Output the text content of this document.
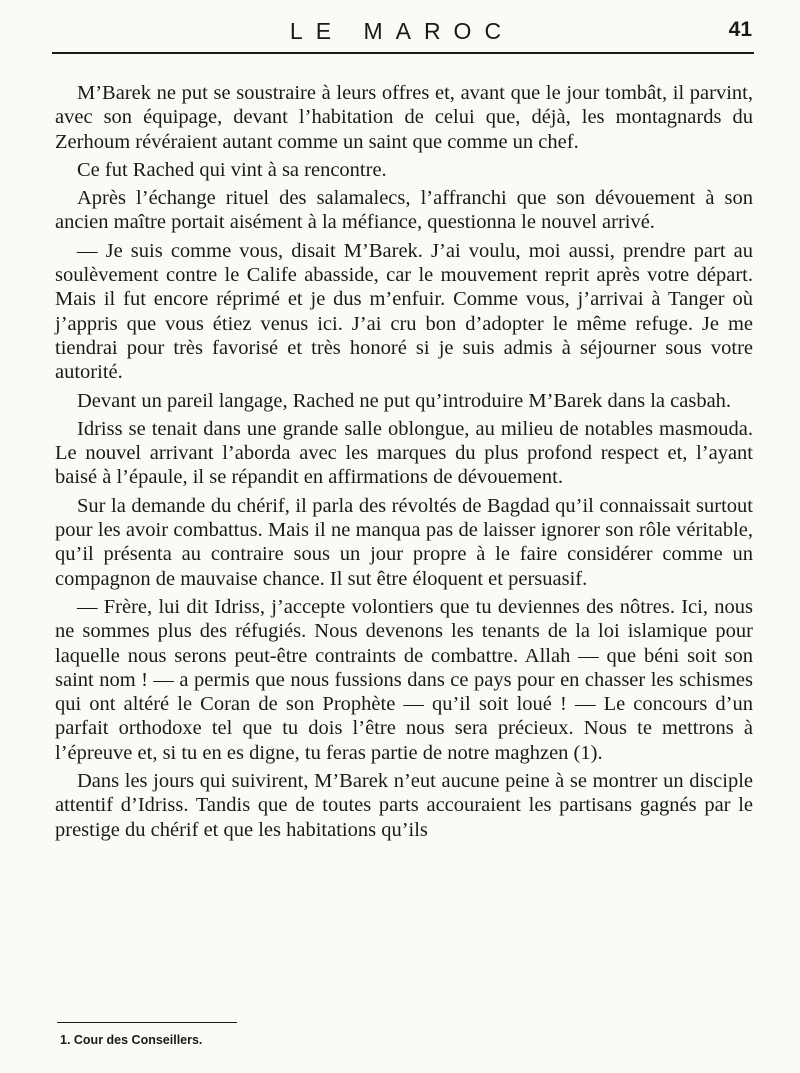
LE MAROC	41

M’Barek ne put se soustraire à leurs offres et, avant que le jour tombât, il parvint, avec son équipage, devant l’habitation de celui que, déjà, les montagnards du Zerhoum révéraient autant comme un saint que comme un chef.

Ce fut Rached qui vint à sa rencontre.

Après l’échange rituel des salamalecs, l’affranchi que son dévouement à son ancien maître portait aisément à la méfiance, questionna le nouvel arrivé.

— Je suis comme vous, disait M’Barek. J’ai voulu, moi aussi, prendre part au soulèvement contre le Calife abasside, car le mouvement reprit après votre départ. Mais il fut encore réprimé et je dus m’enfuir. Comme vous, j’arrivai à Tanger où j’appris que vous étiez venus ici. J’ai cru bon d’adopter le même refuge. Je me tiendrai pour très favorisé et très honoré si je suis admis à séjourner sous votre autorité.

Devant un pareil langage, Rached ne put qu’introduire M’Barek dans la casbah.

Idriss se tenait dans une grande salle oblongue, au milieu de notables masmouda. Le nouvel arrivant l’aborda avec les marques du plus profond respect et, l’ayant baisé à l’épaule, il se répandit en affirmations de dévouement.

Sur la demande du chérif, il parla des révoltés de Bagdad qu’il connaissait surtout pour les avoir combattus. Mais il ne manqua pas de laisser ignorer son rôle véritable, qu’il présenta au contraire sous un jour propre à le faire considérer comme un compagnon de mauvaise chance. Il sut être éloquent et persuasif.

— Frère, lui dit Idriss, j’accepte volontiers que tu deviennes des nôtres. Ici, nous ne sommes plus des réfugiés. Nous devenons les tenants de la loi islamique pour laquelle nous serons peut-être contraints de combattre. Allah — que béni soit son saint nom ! — a permis que nous fussions dans ce pays pour en chasser les schismes qui ont altéré le Coran de son Prophète — qu’il soit loué ! — Le concours d’un parfait orthodoxe tel que tu dois l’être nous sera précieux. Nous te mettrons à l’épreuve et, si tu en es digne, tu feras partie de notre maghzen (1).

Dans les jours qui suivirent, M’Barek n’eut aucune peine à se montrer un disciple attentif d’Idriss. Tandis que de toutes parts accouraient les partisans gagnés par le prestige du chérif et que les habitations qu’ils

1. Cour des Conseillers.
